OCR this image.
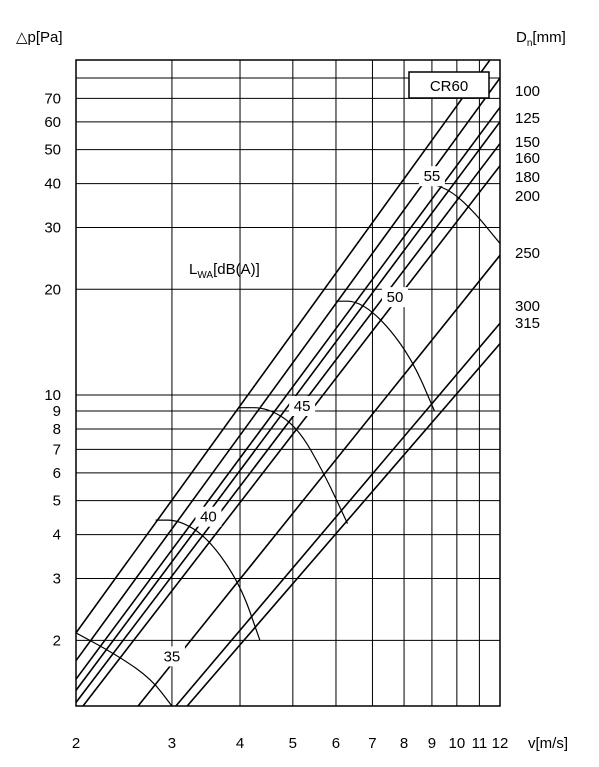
35
40
45
50
55
2	3	4	5 6 7 8 9 10 11 12
2
3
4
5
6
7
8
9
10
20
30
40
50
60
70	100
125
150
160
180
200
250
300
315
△p[Pa]	$D_n[mm]$
v[m/s]
$L_{WA}[dB(A)]$
CR60
